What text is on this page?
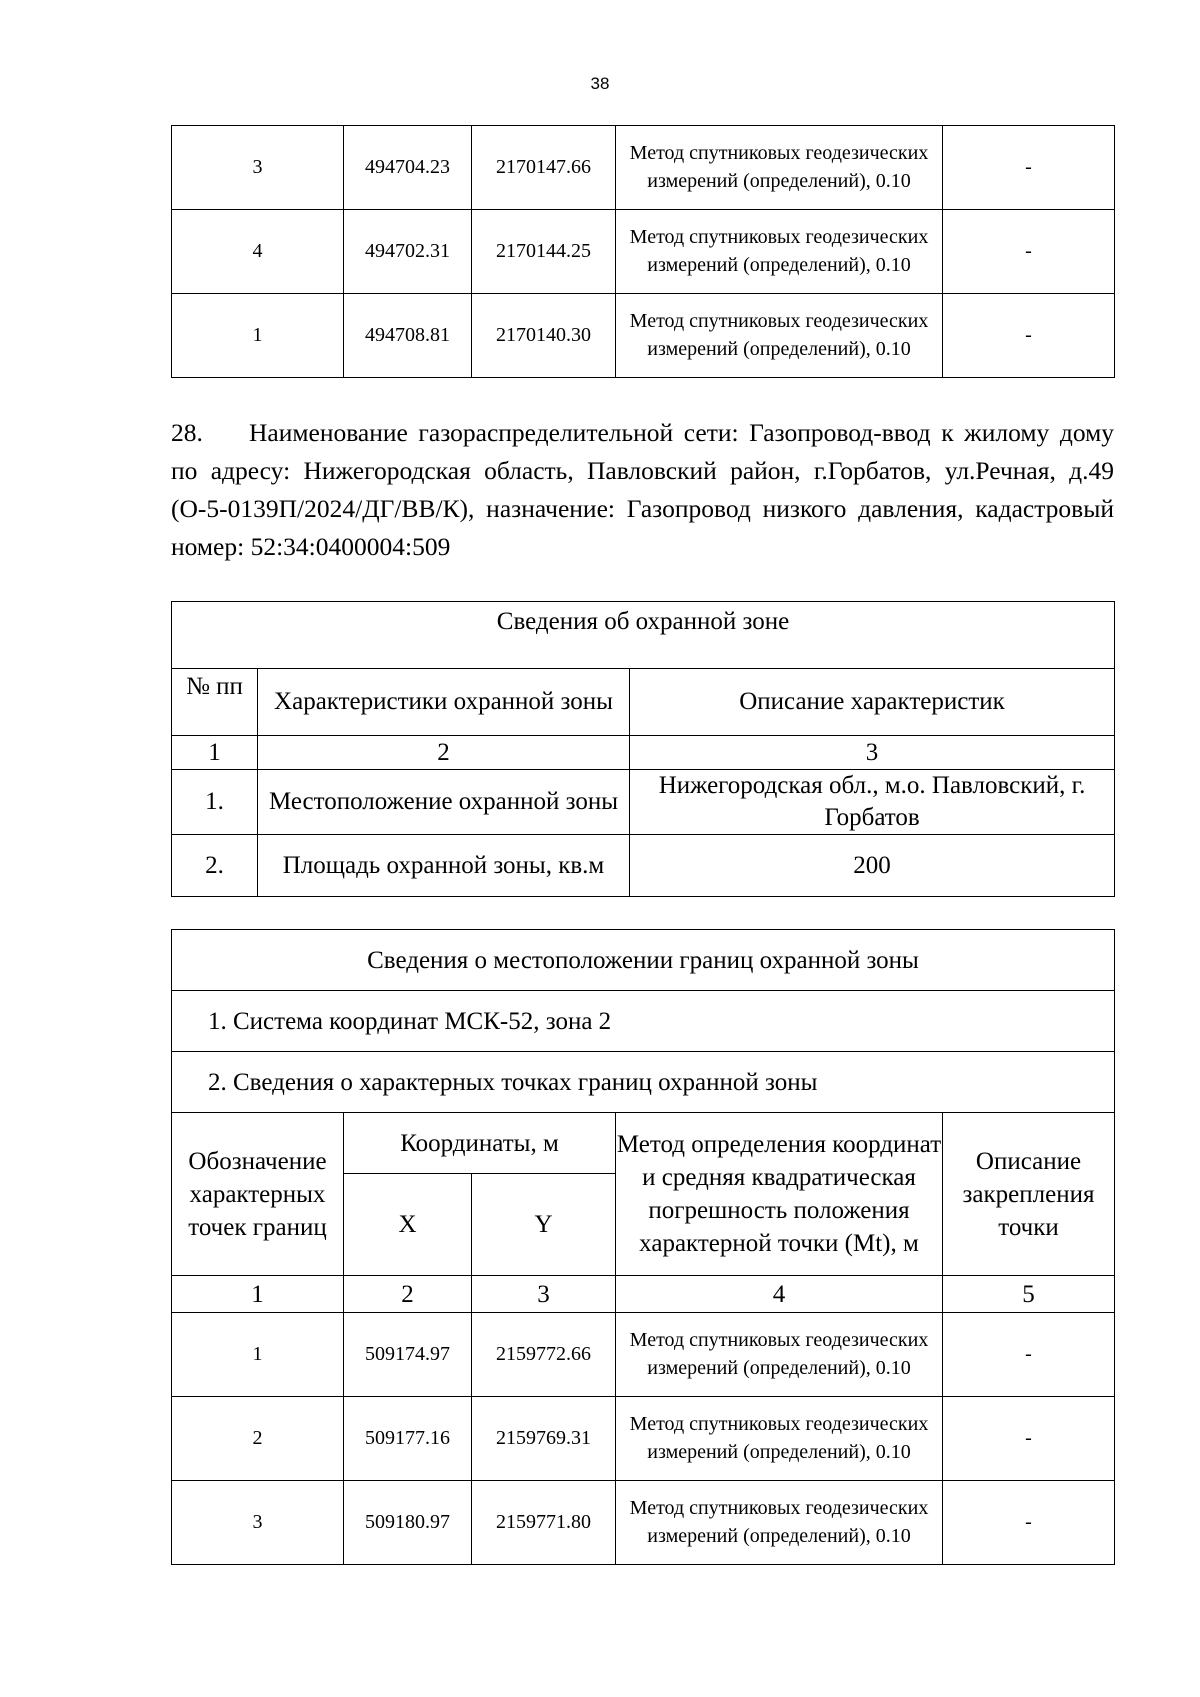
38
3	494704.23	2170147.66	Метод спутниковых геодезических измерений (определений), 0.10	-
4	494702.31	2170144.25	Метод спутниковых геодезических измерений (определений), 0.10	-
1	494708.81	2170140.30	Метод спутниковых геодезических измерений (определений), 0.10	-
28. Наименование газораспределительной сети: Газопровод-ввод к жилому дому по адресу: Нижегородская область, Павловский район, г.Горбатов, ул.Речная, д.49 (О-5-0139П/2024/ДГ/ВВ/К), назначение: Газопровод низкого давления, кадастровый номер: 52:34:0400004:509
Сведения об охранной зоне		
№ пп	Характеристики охранной зоны	Описание характеристик
1	2	3
1.	Местоположение охранной зоны	Нижегородская обл., м.о. Павловский, г. Горбатов
2.	Площадь охранной зоны, кв.м	200
Сведения о местоположении границ охранной зоны				
1. Система координат МСК-52, зона 2				
2. Сведения о характерных точках границ охранной зоны				
Обозначение характерных точек границ	Координаты, м		Метод определения координат и средняя квадратическая погрешность положения характерной точки (Mt), м	Описание закрепления точки
	X	Y		
1	2	3	4	5
1	509174.97	2159772.66	Метод спутниковых геодезических измерений (определений), 0.10	-
2	509177.16	2159769.31	Метод спутниковых геодезических измерений (определений), 0.10	-
3	509180.97	2159771.80	Метод спутниковых геодезических измерений (определений), 0.10	-
